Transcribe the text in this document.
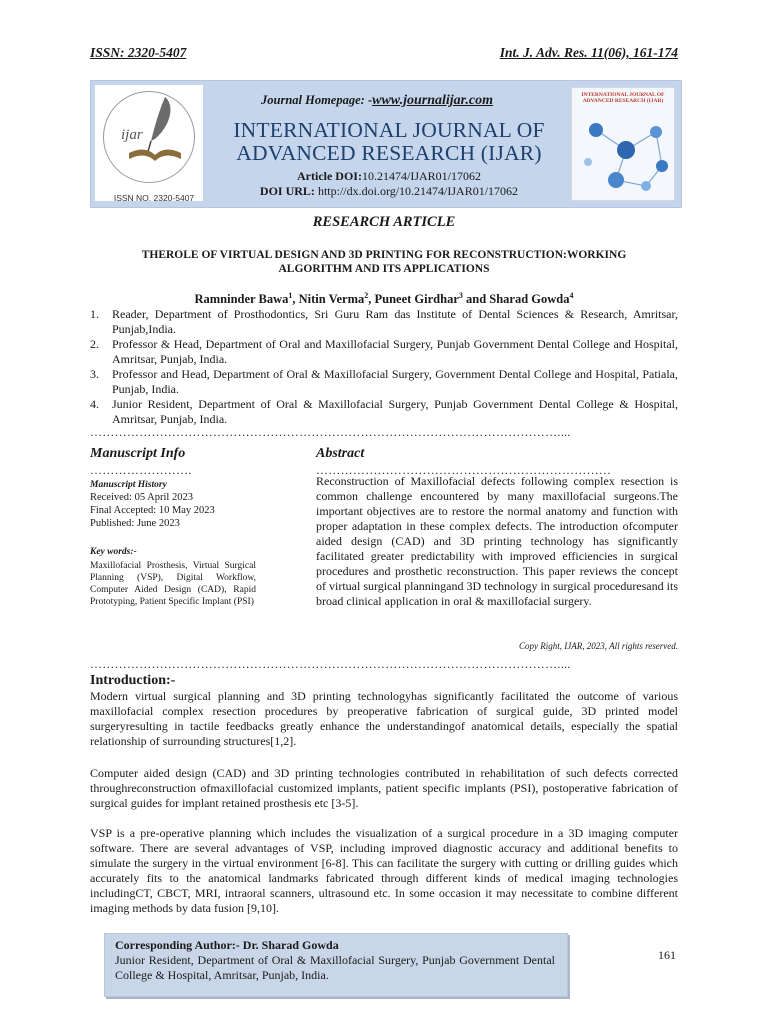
ISSN: 2320-5407	Int. J. Adv. Res. 11(06), 161-174
ijar
ISSN NO. 2320-5407
Journal Homepage: -www.journalijar.com
INTERNATIONAL JOURNAL OF
ADVANCED RESEARCH (IJAR)
Article DOI:10.21474/IJAR01/17062
DOI URL: http://dx.doi.org/10.21474/IJAR01/17062
INTERNATIONAL JOURNAL OF ADVANCED RESEARCH (IJAR)
RESEARCH ARTICLE
THEROLE OF VIRTUAL DESIGN AND 3D PRINTING FOR RECONSTRUCTION:WORKING ALGORITHM AND ITS APPLICATIONS
Ramninder Bawa$^1$, Nitin Verma$^2$, Puneet Girdhar$^3$ and Sharad Gowda$^4$
1. Reader, Department of Prosthodontics, Sri Guru Ram das Institute of Dental Sciences & Research, Amritsar, Punjab,India.
2. Professor & Head, Department of Oral and Maxillofacial Surgery, Punjab Government Dental College and Hospital, Amritsar, Punjab, India.
3. Professor and Head, Department of Oral & Maxillofacial Surgery, Government Dental College and Hospital, Patiala, Punjab, India.
4. Junior Resident, Department of Oral & Maxillofacial Surgery, Punjab Government Dental College & Hospital, Amritsar, Punjab, India.
……………………………………………………………………………………………………....
Manuscript Info	Abstract
…………………….	………………………………………………………………
Manuscript History
Received: 05 April 2023
Final Accepted: 10 May 2023
Published: June 2023
Key words:-
Maxillofacial Prosthesis, Virtual Surgical Planning (VSP), Digital Workflow, Computer Aided Design (CAD), Rapid Prototyping, Patient Specific Implant (PSI)
Reconstruction of Maxillofacial defects following complex resection is common challenge encountered by many maxillofacial surgeons.The important objectives are to restore the normal anatomy and function with proper adaptation in these complex defects. The introduction ofcomputer aided design (CAD) and 3D printing technology has significantly facilitated greater predictability with improved efficiencies in surgical procedures and prosthetic reconstruction. This paper reviews the concept of virtual surgical planningand 3D technology in surgical proceduresand its broad clinical application in oral & maxillofacial surgery.
Copy Right, IJAR, 2023, All rights reserved.
……………………………………………………………………………………………………....
Introduction:-
Modern virtual surgical planning and 3D printing technologyhas significantly facilitated the outcome of various maxillofacial complex resection procedures by preoperative fabrication of surgical guide, 3D printed model surgeryresulting in tactile feedbacks greatly enhance the understandingof anatomical details, especially the spatial relationship of surrounding structures[1,2].
Computer aided design (CAD) and 3D printing technologies contributed in rehabilitation of such defects corrected throughreconstruction ofmaxillofacial customized implants, patient specific implants (PSI), postoperative fabrication of surgical guides for implant retained prosthesis etc [3-5].
VSP is a pre-operative planning which includes the visualization of a surgical procedure in a 3D imaging computer software. There are several advantages of VSP, including improved diagnostic accuracy and additional benefits to simulate the surgery in the virtual environment [6-8]. This can facilitate the surgery with cutting or drilling guides which accurately fits to the anatomical landmarks fabricated through different kinds of medical imaging technologies includingCT, CBCT, MRI, intraoral scanners, ultrasound etc. In some occasion it may necessitate to combine different imaging methods by data fusion [9,10].
Corresponding Author:- Dr. Sharad Gowda
Junior Resident, Department of Oral & Maxillofacial Surgery, Punjab Government Dental College & Hospital, Amritsar, Punjab, India.
161
